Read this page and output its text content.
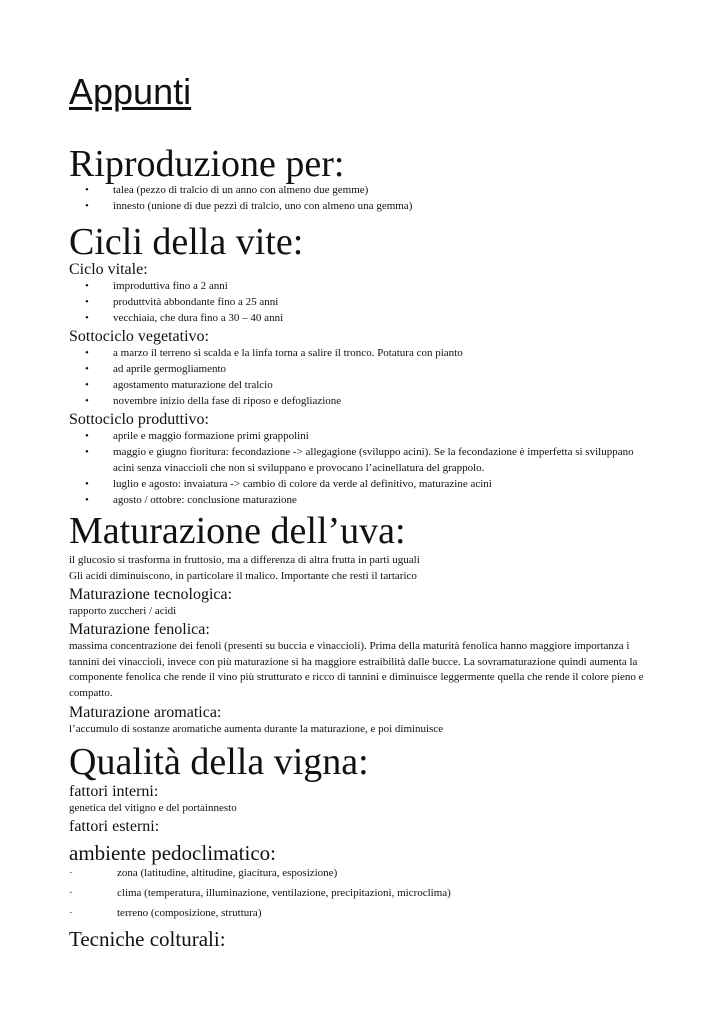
Appunti
Riproduzione per:
• talea (pezzo di tralcio di un anno con almeno due gemme)
• innesto (unione di due pezzi di tralcio, uno con almeno una gemma)
Cicli della vite:
Ciclo vitale:
• improduttiva fino a 2 anni
• produttvità abbondante fino a 25 anni
• vecchiaia, che dura fino a 30 – 40 anni
Sottociclo vegetativo:
• a marzo il terreno si scalda e la linfa torna a salire il tronco. Potatura con pianto
• ad aprile germogliamento
• agostamento maturazione del tralcio
• novembre inizio della fase di riposo e defogliazione
Sottociclo produttivo:
• aprile e maggio formazione primi grappolini
• maggio e giugno fioritura: fecondazione -> allegagione (sviluppo acini). Se la fecondazione è imperfetta si sviluppano acini senza vinaccioli che non si sviluppano e provocano l’acinellatura del grappolo.
• luglio e agosto: invaiatura -> cambio di colore da verde al definitivo, maturazine acini
• agosto / ottobre: conclusione maturazione
Maturazione dell’uva:

il glucosio si trasforma in fruttosio, ma a differenza di altra frutta in parti uguali

Gli acidi diminuiscono, in particolare il malico. Importante che resti il tartarico

Maturazione tecnologica:

rapporto zuccheri / acidi

Maturazione fenolica:

massima concentrazione dei fenoli (presenti su buccia e vinaccioli). Prima della maturità fenolica hanno maggiore importanza i tannini dei vinaccioli, invece con più maturazione si ha maggiore estraibilità dalle bucce. La sovramaturazione quindi aumenta la componente fenolica che rende il vino più strutturato e ricco di tannini e diminuisce leggermente quella che rende il colore pieno e compatto.

Maturazione aromatica:

l’accumulo di sostanze aromatiche aumenta durante la maturazione, e poi diminuisce

Qualità della vigna:
fattori interni:

genetica del vitigno e del portainnesto

fattori esterni:
ambiente pedoclimatico:
·	zona (latitudine, altitudine, giacitura, esposizione)
·	clima (temperatura, illuminazione, ventilazione, precipitazioni, microclima)
·	terreno (composizione, struttura)
Tecniche colturali:
